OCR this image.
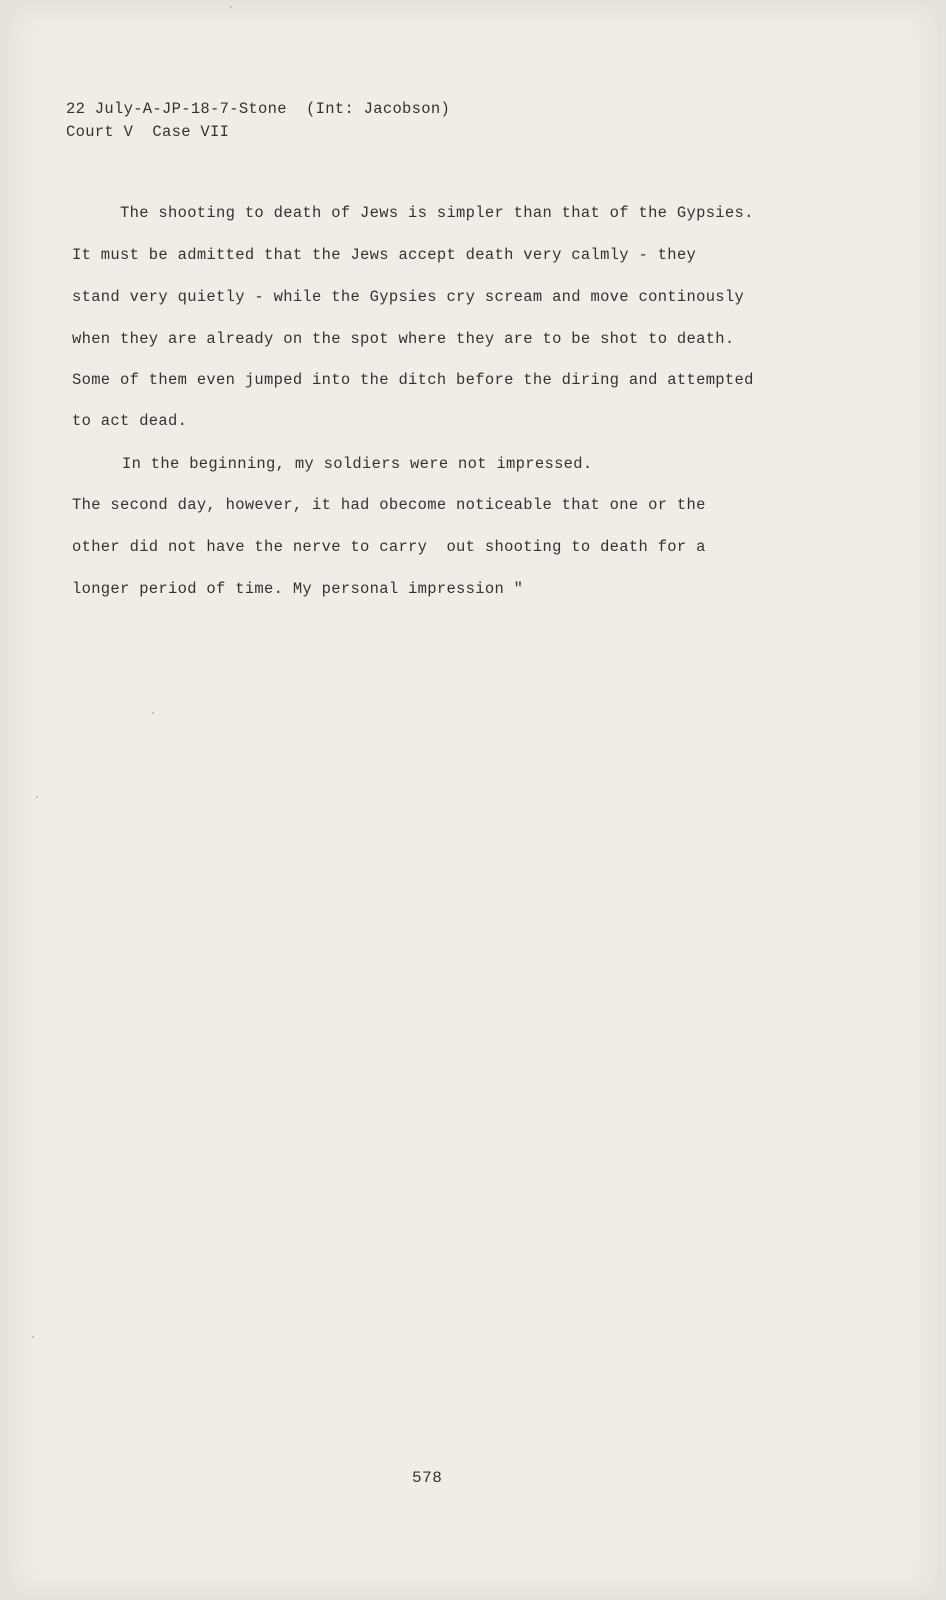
22 July-A-JP-18-7-Stone  (Int: Jacobson)
Court V  Case VII
The shooting to death of Jews is simpler than that of the Gypsies.
It must be admitted that the Jews accept death very calmly - they
stand very quietly - while the Gypsies cry scream and move continously
when they are already on the spot where they are to be shot to death.
Some of them even jumped into the ditch before the diring and attempted
to act dead.
In the beginning, my soldiers were not impressed.
The second day, however, it had obecome noticeable that one or the
other did not have the nerve to carry  out shooting to death for a
longer period of time. My personal impression "
578
